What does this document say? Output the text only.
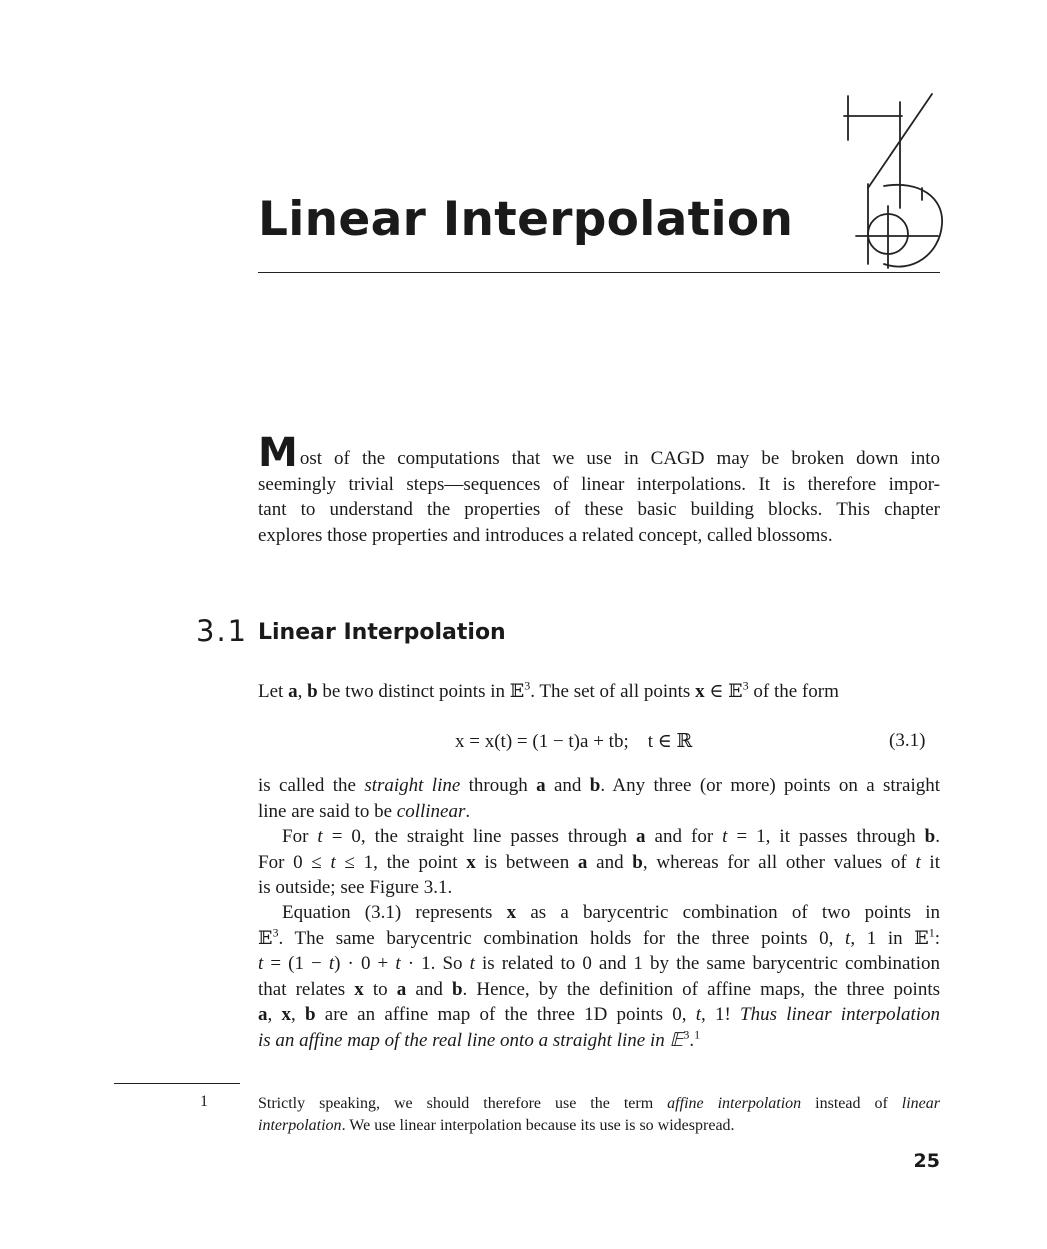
Linear Interpolation

Most of the computations that we use in CAGD may be broken down into
seemingly trivial steps—sequences of linear interpolations. It is therefore impor-
tant to understand the properties of these basic building blocks. This chapter
explores those properties and introduces a related concept, called blossoms.

3.1 Linear Interpolation

Let a, b be two distinct points in 𝔼$^3$. The set of all points x ∈ 𝔼$^3$ of the form

x = x(t) = (1 − t)a + tb;    t ∈ ℝ	(3.1)

is called the straight line through a and b. Any three (or more) points on a straight
line are said to be collinear.

For t = 0, the straight line passes through a and for t = 1, it passes through b.
For 0 ≤ t ≤ 1, the point x is between a and b, whereas for all other values of t it
is outside; see Figure 3.1.

Equation (3.1) represents x as a barycentric combination of two points in
𝔼$^3$. The same barycentric combination holds for the three points 0, t, 1 in 𝔼$^1$:
t = (1 − t) · 0 + t · 1. So t is related to 0 and 1 by the same barycentric combination
that relates x to a and b. Hence, by the definition of affine maps, the three points
a, x, b are an affine map of the three 1D points 0, t, 1! Thus linear interpolation
is an affine map of the real line onto a straight line in 𝔼$^3$.$^1$

1	Strictly speaking, we should therefore use the term affine interpolation instead of linear
interpolation. We use linear interpolation because its use is so widespread.

25
